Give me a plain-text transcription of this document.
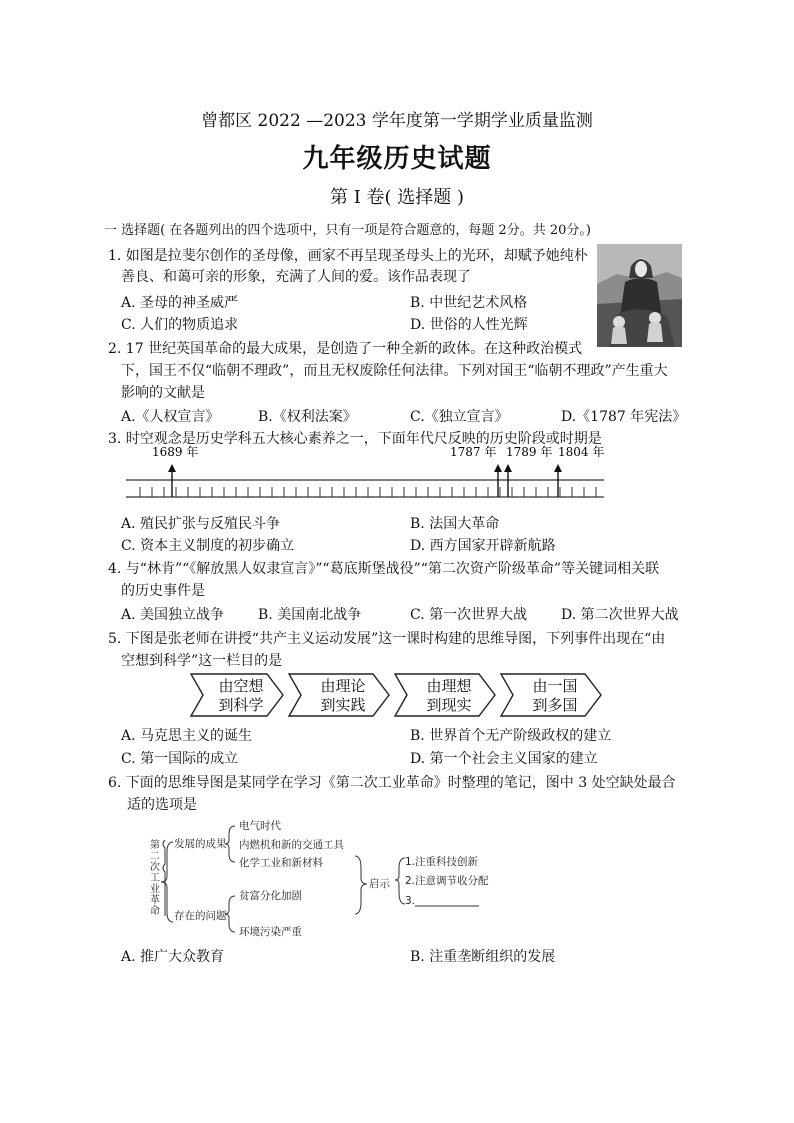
曾都区 2022 —2023 学年度第一学期学业质量监测
九年级历史试题
第 I 卷( 选择题 )
一 选择题( 在各题列出的四个选项中，只有一项是符合题意的，每题 2分。共 20分。)
1. 如图是拉斐尔创作的圣母像，画家不再呈现圣母头上的光环，却赋予她纯朴
善良、和蔼可亲的形象，充满了人间的爱。该作品表现了
A. 圣母的神圣威严	B. 中世纪艺术风格
C. 人们的物质追求	D. 世俗的人性光辉
2. 17 世纪英国革命的最大成果，是创造了一种全新的政体。在这种政治模式
下，国王不仅“临朝不理政”，而且无权废除任何法律。下列对国王“临朝不理政”产生重大
影响的文献是
A.《人权宣言》	B.《权利法案》	C.《独立宣言》	D.《1787 年宪法》
3. 时空观念是历史学科五大核心素养之一，下面年代尺反映的历史阶段或时期是
1689 年	1787 年 1789 年 1804 年
A. 殖民扩张与反殖民斗争	B. 法国大革命
C. 资本主义制度的初步确立	D. 西方国家开辟新航路
4. 与“林肯”“《解放黑人奴隶宣言》”“葛底斯堡战役”“第二次资产阶级革命”等关键词相关联
的历史事件是
A. 美国独立战争 B. 美国南北战争	C. 第一次世界大战 D. 第二次世界大战
5. 下图是张老师在讲授“共产主义运动发展”这一课时构建的思维导图，下列事件出现在“由
空想到科学”这一栏目的是
由空想
到科学
由理论
到实践
由理想
到现实
由一国
到多国
A. 马克思主义的诞生	B. 世界首个无产阶级政权的建立
C. 第一国际的成立	D. 第一个社会主义国家的建立
6. 下面的思维导图是某同学在学习《第二次工业革命》时整理的笔记，图中 3 处空缺处最合
适的选项是
第二次工业革命
发展的成果
电气时代
内燃机和新的交通工具
化学工业和新材料
存在的问题
贫富分化加剧
环境污染严重
启示
1.注重科技创新
2.注意调节收分配
3.
A. 推广大众教育	B. 注重垄断组织的发展
